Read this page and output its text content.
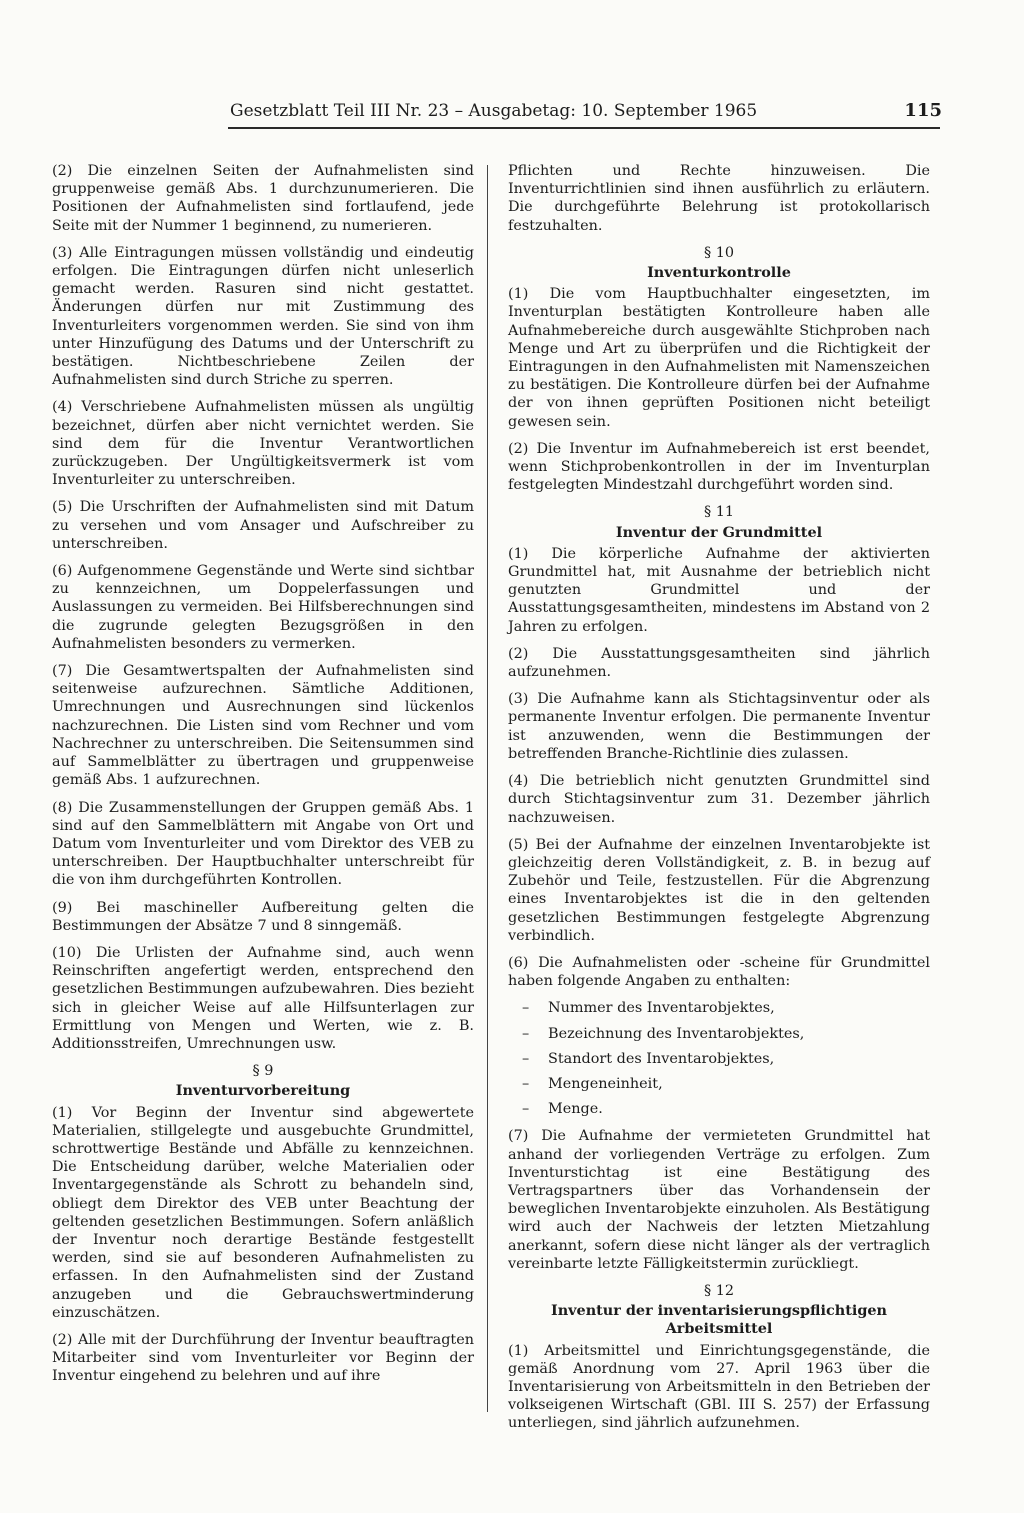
Gesetzblatt Teil III Nr. 23 – Ausgabetag: 10. September 1965	115

(2) Die einzelnen Seiten der Aufnahmelisten sind gruppenweise gemäß Abs. 1 durchzunumerieren. Die Positionen der Aufnahmelisten sind fortlaufend, jede Seite mit der Nummer 1 beginnend, zu numerieren.

(3) Alle Eintragungen müssen vollständig und eindeutig erfolgen. Die Eintragungen dürfen nicht unleserlich gemacht werden. Rasuren sind nicht gestattet. Änderungen dürfen nur mit Zustimmung des Inventurleiters vorgenommen werden. Sie sind von ihm unter Hinzufügung des Datums und der Unterschrift zu bestätigen. Nichtbeschriebene Zeilen der Aufnahmelisten sind durch Striche zu sperren.

(4) Verschriebene Aufnahmelisten müssen als ungültig bezeichnet, dürfen aber nicht vernichtet werden. Sie sind dem für die Inventur Verantwortlichen zurückzugeben. Der Ungültigkeitsvermerk ist vom Inventurleiter zu unterschreiben.

(5) Die Urschriften der Aufnahmelisten sind mit Datum zu versehen und vom Ansager und Aufschreiber zu unterschreiben.

(6) Aufgenommene Gegenstände und Werte sind sichtbar zu kennzeichnen, um Doppelerfassungen und Auslassungen zu vermeiden. Bei Hilfsberechnungen sind die zugrunde gelegten Bezugsgrößen in den Aufnahmelisten besonders zu vermerken.

(7) Die Gesamtwertspalten der Aufnahmelisten sind seitenweise aufzurechnen. Sämtliche Additionen, Umrechnungen und Ausrechnungen sind lückenlos nachzurechnen. Die Listen sind vom Rechner und vom Nachrechner zu unterschreiben. Die Seitensummen sind auf Sammelblätter zu übertragen und gruppenweise gemäß Abs. 1 aufzurechnen.

(8) Die Zusammenstellungen der Gruppen gemäß Abs. 1 sind auf den Sammelblättern mit Angabe von Ort und Datum vom Inventurleiter und vom Direktor des VEB zu unterschreiben. Der Hauptbuchhalter unterschreibt für die von ihm durchgeführten Kontrollen.

(9) Bei maschineller Aufbereitung gelten die Bestimmungen der Absätze 7 und 8 sinngemäß.

(10) Die Urlisten der Aufnahme sind, auch wenn Reinschriften angefertigt werden, entsprechend den gesetzlichen Bestimmungen aufzubewahren. Dies bezieht sich in gleicher Weise auf alle Hilfsunterlagen zur Ermittlung von Mengen und Werten, wie z. B. Additionsstreifen, Umrechnungen usw.

§ 9
Inventurvorbereitung

(1) Vor Beginn der Inventur sind abgewertete Materialien, stillgelegte und ausgebuchte Grundmittel, schrottwertige Bestände und Abfälle zu kennzeichnen. Die Entscheidung darüber, welche Materialien oder Inventargegenstände als Schrott zu behandeln sind, obliegt dem Direktor des VEB unter Beachtung der geltenden gesetzlichen Bestimmungen. Sofern anläßlich der Inventur noch derartige Bestände festgestellt werden, sind sie auf besonderen Aufnahmelisten zu erfassen. In den Aufnahmelisten sind der Zustand anzugeben und die Gebrauchswertminderung einzuschätzen.

(2) Alle mit der Durchführung der Inventur beauftragten Mitarbeiter sind vom Inventurleiter vor Beginn der Inventur eingehend zu belehren und auf ihre

Pflichten und Rechte hinzuweisen. Die Inventurrichtlinien sind ihnen ausführlich zu erläutern. Die durchgeführte Belehrung ist protokollarisch festzuhalten.

§ 10
Inventurkontrolle

(1) Die vom Hauptbuchhalter eingesetzten, im Inventurplan bestätigten Kontrolleure haben alle Aufnahmebereiche durch ausgewählte Stichproben nach Menge und Art zu überprüfen und die Richtigkeit der Eintragungen in den Aufnahmelisten mit Namenszeichen zu bestätigen. Die Kontrolleure dürfen bei der Aufnahme der von ihnen geprüften Positionen nicht beteiligt gewesen sein.

(2) Die Inventur im Aufnahmebereich ist erst beendet, wenn Stichprobenkontrollen in der im Inventurplan festgelegten Mindestzahl durchgeführt worden sind.

§ 11
Inventur der Grundmittel

(1) Die körperliche Aufnahme der aktivierten Grundmittel hat, mit Ausnahme der betrieblich nicht genutzten Grundmittel und der Ausstattungsgesamtheiten, mindestens im Abstand von 2 Jahren zu erfolgen.

(2) Die Ausstattungsgesamtheiten sind jährlich aufzunehmen.

(3) Die Aufnahme kann als Stichtagsinventur oder als permanente Inventur erfolgen. Die permanente Inventur ist anzuwenden, wenn die Bestimmungen der betreffenden Branche-Richtlinie dies zulassen.

(4) Die betrieblich nicht genutzten Grundmittel sind durch Stichtagsinventur zum 31. Dezember jährlich nachzuweisen.

(5) Bei der Aufnahme der einzelnen Inventarobjekte ist gleichzeitig deren Vollständigkeit, z. B. in bezug auf Zubehör und Teile, festzustellen. Für die Abgrenzung eines Inventarobjektes ist die in den geltenden gesetzlichen Bestimmungen festgelegte Abgrenzung verbindlich.

(6) Die Aufnahmelisten oder -scheine für Grundmittel haben folgende Angaben zu enthalten:

–	Nummer des Inventarobjektes,
–	Bezeichnung des Inventarobjektes,
–	Standort des Inventarobjektes,
–	Mengeneinheit,
–	Menge.

(7) Die Aufnahme der vermieteten Grundmittel hat anhand der vorliegenden Verträge zu erfolgen. Zum Inventurstichtag ist eine Bestätigung des Vertragspartners über das Vorhandensein der beweglichen Inventarobjekte einzuholen. Als Bestätigung wird auch der Nachweis der letzten Mietzahlung anerkannt, sofern diese nicht länger als der vertraglich vereinbarte letzte Fälligkeitstermin zurückliegt.

§ 12
Inventur der inventarisierungspflichtigen Arbeitsmittel

(1) Arbeitsmittel und Einrichtungsgegenstände, die gemäß Anordnung vom 27. April 1963 über die Inventarisierung von Arbeitsmitteln in den Betrieben der volkseigenen Wirtschaft (GBl. III S. 257) der Erfassung unterliegen, sind jährlich aufzunehmen.
